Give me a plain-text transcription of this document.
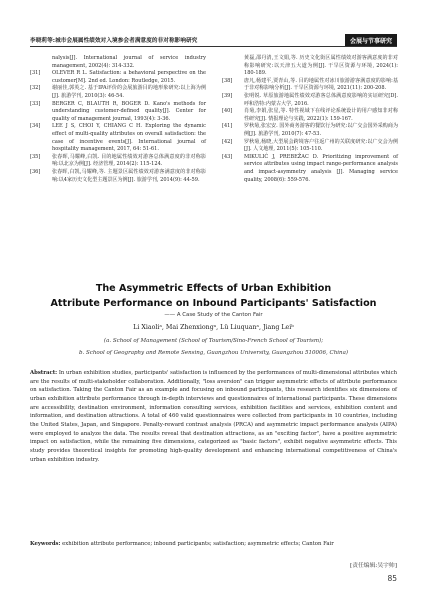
李晓莉等:城市会展属性绩效对入境参会者满意度的非对称影响研究	会展与节事研究
nalysis[J]. International journal of service industry management, 2002(4): 314-332.
[31] OLEVER R L. Satisfaction: a behavioral perspective on the customer[M]. 2nd ed. London: Routledge, 2015.
[32] 谢丽佳,郭英之. 基于IPA评价的会展旅游目的地形象研究:以上海为例[J]. 旅游学刊, 2010(3): 46-54.
[33] BERGER C, BLAUTH R, BOGER D. Kano's methods for understanding customer-defined quality[J]. Center for quality of management journal, 1993(4): 3-36.
[34] LEE J S, CHOI Y, CHIANG C H. Exploring the dynamic effect of multi-quality attributes on overall satisfaction: the case of incentive events[J]. International journal of hospitality management, 2017, 64: 51-61.
[35] 张春晖,马耀峰,白凯. 目的地属性绩效对游客总体满意度的非对称影响:以北京为例[J]. 经济管理, 2014(2): 115-124.
[36] 张春晖,白凯,马耀峰,等. 主题景区属性绩效对游客满意度的非对称影响:以4家历史文化型主题景区为例[J]. 旅游学刊, 2014(9): 44-59.
黄磊,邵丹清,王文娟,等. 历史文化街区属性绩效对游客满意度的非对称影响研究:以天津五大道为例[J]. 干旱区资源与环境, 2024(1): 180-189.
[38] 唐凡,杨建平,贾青山,等. 目的地属性对冰川旅游游客满意度的影响:基于非对称影响分析[J]. 干旱区资源与环境, 2021(11): 200-208.
[39] 张明锐. 草原旅游地属性绩效对游客总体满意度影响的实证研究[D]. 呼和浩特:内蒙古大学, 2016.
[40] 肖菊,李娟,张星,等. 特性视域下在线评论系统设计的用户感知非对称性研究[J]. 情报理论与实践, 2022(1): 159-167.
[41] 罗秋菊,张宏安. 国外商务游客的餐饮行为研究:以广交会国外采购商为例[J]. 旅游学刊, 2010(7): 47-53.
[42] 罗秋菊,杨晓,大型展会跨境客户往返广州的关联度研究:以广交会为例[J]. 人文地理, 2011(5): 105-110.
[43] MIKULIĆ J, PREBEŽAC D. Prioritizing improvement of service attributes using impact range-performance analysis and impact-asymmetry analysis [J]. Managing service quality, 2008(6): 559-576.
The Asymmetric Effects of Urban Exhibition
Attribute Performance on Inbound Participants' Satisfaction
—— A Case Study of the Canton Fair
Li Xiaoliᵃ, Mai Zhenxiongᵃ, Lü Liuquanᵃ, Jiang Leiᵇ
(a. School of Management (School of Tourism/Sino-French School of Tourism);
b. School of Geography and Remote Sensing, Guangzhou University, Guangzhou 510006, China)
Abstract: In urban exhibition studies, participants' satisfaction is influenced by the performances of multi-dimensional attributes which are the results of multi-stakeholder collaboration. Additionally, "loss aversion" can trigger asymmetric effects of attribute performance on satisfaction. Taking the Canton Fair as an example and focusing on inbound participants, this research identifies six dimensions of urban exhibition attribute performance through in-depth interviews and questionnaires of international participants. These dimensions are accessibility, destination environment, information consulting services, exhibition facilities and services, exhibition content and information, and destination attractions. A total of 460 valid questionnaires were collected from participants in 10 countries, including the United States, Japan, and Singapore. Penalty-reward contrast analysis (PRCA) and asymmetric impact performance analysis (AIPA) were employed to analyze the data. The results reveal that destination attractions, as an "exciting factor", have a positive asymmetric impact on satisfaction, while the remaining five dimensions, categorized as "basic factors", exhibit negative asymmetric effects. This study provides theoretical insights for promoting high-quality development and enhancing international competitiveness of China's urban exhibition industry.
Keywords: exhibition attribute performance; inbound participants; satisfaction; asymmetric effects; Canton Fair
[责任编辑:吴宇帅]
85
